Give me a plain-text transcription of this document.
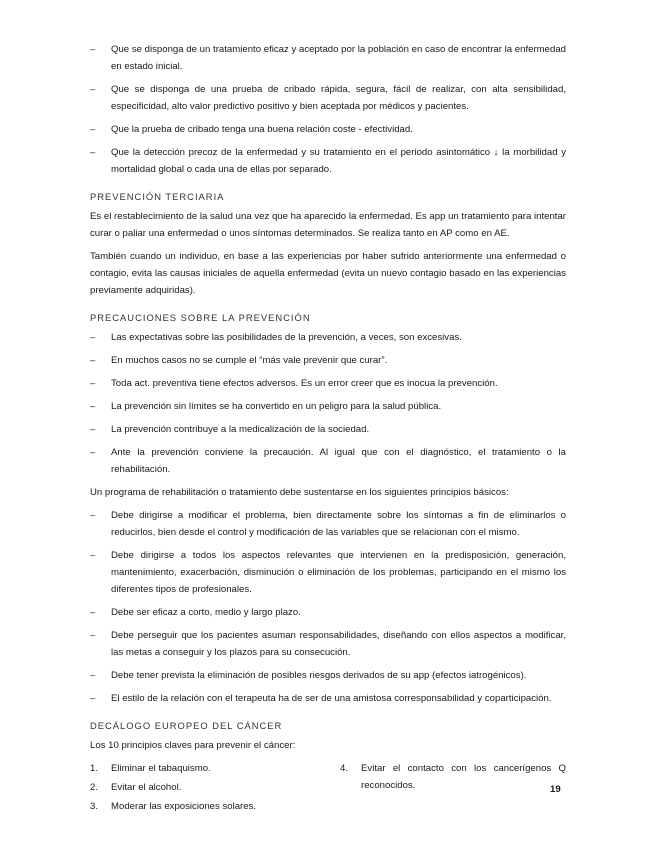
– Que se disponga de un tratamiento eficaz y aceptado por la población en caso de encontrar la enfermedad en estado inicial.
– Que se disponga de una prueba de cribado rápida, segura, fácil de realizar, con alta sensibilidad, especificidad, alto valor predictivo positivo y bien aceptada por médicos y pacientes.
– Que la prueba de cribado tenga una buena relación coste - efectividad.
– Que la detección precoz de la enfermedad y su tratamiento en el periodo asintomático ↓ la morbilidad y mortalidad global o cada una de ellas por separado.
PREVENCIÓN TERCIARIA
Es el restablecimiento de la salud una vez que ha aparecido la enfermedad. Es app un tratamiento para intentar curar o paliar una enfermedad o unos síntomas determinados. Se realiza tanto en AP como en AE.
También cuando un individuo, en base a las experiencias por haber sufrido anteriormente una enfermedad o contagio, evita las causas iniciales de aquella enfermedad (evita un nuevo contagio basado en las experiencias previamente adquiridas).
PRECAUCIONES SOBRE LA PREVENCIÓN
– Las expectativas sobre las posibilidades de la prevención, a veces, son excesivas.
– En muchos casos no se cumple el “más vale prevenir que curar”.
– Toda act. preventiva tiene efectos adversos. Es un error creer que es inocua la prevención.
– La prevención sin límites se ha convertido en un peligro para la salud pública.
– La prevención contribuye a la medicalización de la sociedad.
– Ante la prevención conviene la precaución. Al igual que con el diagnóstico, el tratamiento o la rehabilitación.
Un programa de rehabilitación o tratamiento debe sustentarse en los siguientes principios básicos:
– Debe dirigirse a modificar el problema, bien directamente sobre los síntomas a fin de eliminarlos o reducirlos, bien desde el control y modificación de las variables que se relacionan con el mismo.
– Debe dirigirse a todos los aspectos relevantes que intervienen en la predisposición, generación, mantenimiento, exacerbación, disminución o eliminación de los problemas, participando en el mismo los diferentes tipos de profesionales.
– Debe ser eficaz a corto, medio y largo plazo.
– Debe perseguir que los pacientes asuman responsabilidades, diseñando con ellos aspectos a modificar, las metas a conseguir y los plazos para su consecución.
– Debe tener prevista la eliminación de posibles riesgos derivados de su app (efectos iatrogénicos).
– El estilo de la relación con el terapeuta ha de ser de una amistosa corresponsabilidad y coparticipación.
DECÁLOGO EUROPEO DEL CÁNCER
Los 10 principios claves para prevenir el cáncer:
1. Eliminar el tabaquismo.
2. Evitar el alcohol.
3. Moderar las exposiciones solares.
4. Evitar el contacto con los cancerígenos Q reconocidos.	19
